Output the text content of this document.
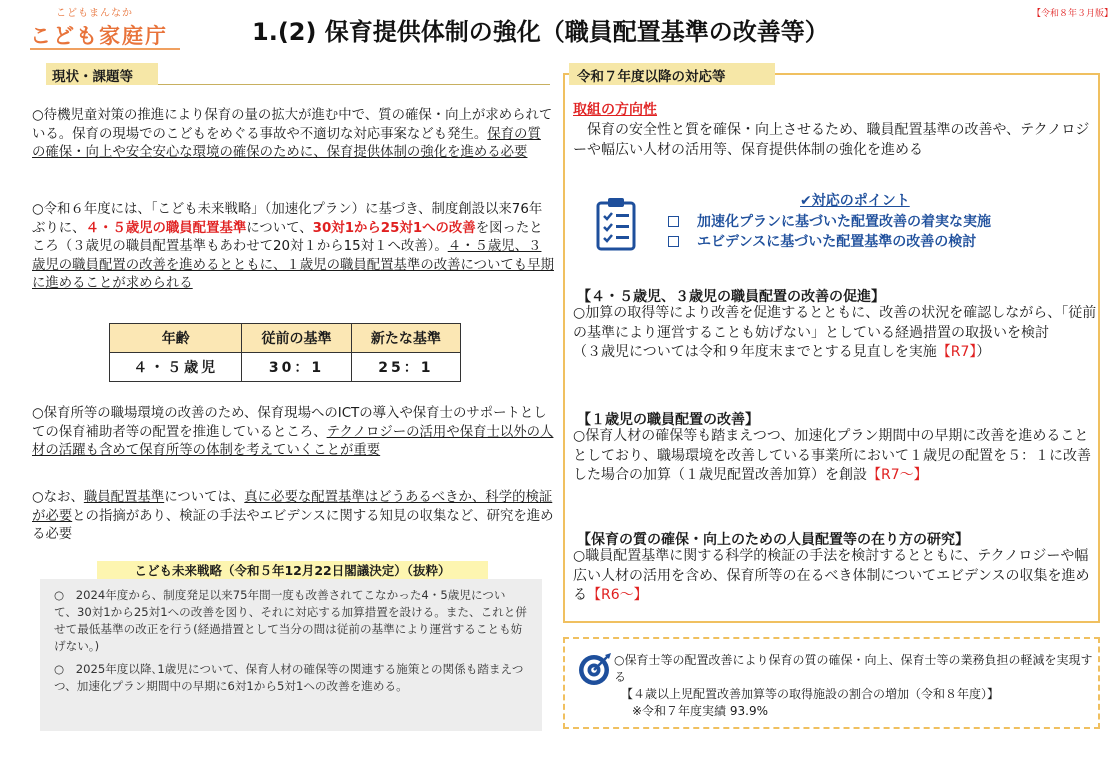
こどもまんなか
こども家庭庁	1.(2) 保育提供体制の強化（職員配置基準の改善等）
【令和８年３月版】
現状・課題等
○待機児童対策の推進により保育の量の拡大が進む中で、質の確保・向上が求められている。保育の現場でのこどもをめぐる事故や不適切な対応事案なども発生。保育の質の確保・向上や安全安心な環境の確保のために、保育提供体制の強化を進める必要
○令和６年度には、「こども未来戦略」（加速化プラン）に基づき、制度創設以来76年ぶりに、４・５歳児の職員配置基準について、30対1から25対1への改善を図ったところ（３歳児の職員配置基準もあわせて20対１から15対１へ改善）。４・５歳児、３歳児の職員配置の改善を進めるとともに、１歳児の職員配置基準の改善についても早期に進めることが求められる
年齢	従前の基準	新たな基準
４・５歳児	30：1	25：1
○保育所等の職場環境の改善のため、保育現場へのICTの導入や保育士のサポートとしての保育補助者等の配置を推進しているところ、テクノロジーの活用や保育士以外の人材の活躍も含めて保育所等の体制を考えていくことが重要
○なお、職員配置基準については、真に必要な配置基準はどうあるべきか、科学的検証が必要との指摘があり、検証の手法やエビデンスに関する知見の収集など、研究を進める必要
こども未来戦略（令和５年12月22日閣議決定）（抜粋）

○　2024年度から、制度発足以来75年間一度も改善されてこなかった4・5歳児について、30対1から25対1への改善を図り、それに対応する加算措置を設ける。また、これと併せて最低基準の改正を行う(経過措置として当分の間は従前の基準により運営することも妨げない。)

○　2025年度以降､1歳児について、保育人材の確保等の関連する施策との関係も踏まえつつ、加速化プラン期間中の早期に6対1から5対1への改善を進める。

令和７年度以降の対応等
取組の方向性
保育の安全性と質を確保・向上させるため、職員配置基準の改善や、テクノロジーや幅広い人材の活用等、保育提供体制の強化を進める
✔対応のポイント
加速化プランに基づいた配置改善の着実な実施
エビデンスに基づいた配置基準の改善の検討
【４・５歳児、３歳児の職員配置の改善の促進】
○加算の取得等により改善を促進するとともに、改善の状況を確認しながら、「従前の基準により運営することも妨げない」としている経過措置の取扱いを検討
（３歳児については令和９年度末までとする見直しを実施【R7】）
【１歳児の職員配置の改善】
○保育人材の確保等も踏まえつつ、加速化プラン期間中の早期に改善を進めることとしており、職場環境を改善している事業所において１歳児の配置を５：１に改善した場合の加算（１歳児配置改善加算）を創設【R7〜】
【保育の質の確保・向上のための人員配置等の在り方の研究】
○職員配置基準に関する科学的検証の手法を検討するとともに、テクノロジーや幅広い人材の活用を含め、保育所等の在るべき体制についてエビデンスの収集を進める【R6〜】
○保育士等の配置改善により保育の質の確保・向上、保育士等の業務負担の軽減を実現する
【４歳以上児配置改善加算等の取得施設の割合の増加（令和８年度）】
※令和７年度実績 93.9%
